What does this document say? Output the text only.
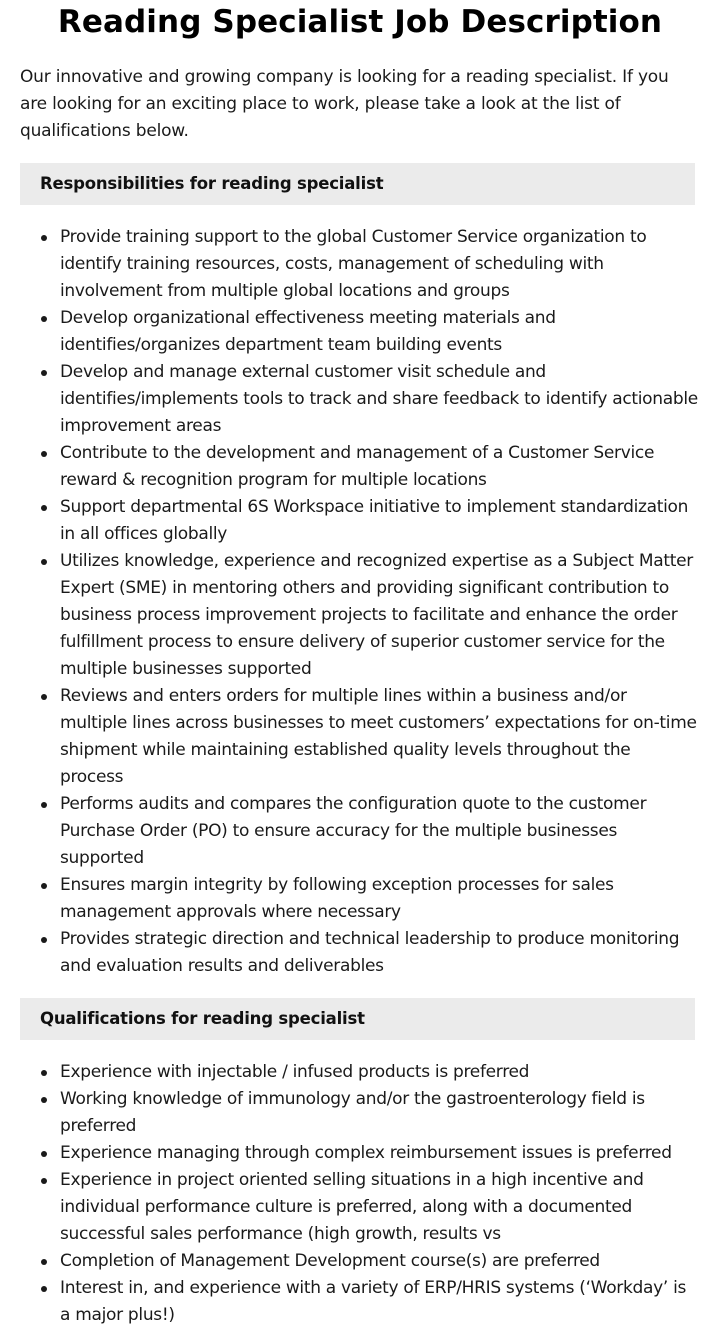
Reading Specialist Job Description

Our innovative and growing company is looking for a reading specialist. If you are looking for an exciting place to work, please take a look at the list of qualifications below.

Responsibilities for reading specialist
Provide training support to the global Customer Service organization to identify training resources, costs, management of scheduling with involvement from multiple global locations and groups
Develop organizational effectiveness meeting materials and identifies/organizes department team building events
Develop and manage external customer visit schedule and identifies/implements tools to track and share feedback to identify actionable improvement areas
Contribute to the development and management of a Customer Service reward & recognition program for multiple locations
Support departmental 6S Workspace initiative to implement standardization in all offices globally
Utilizes knowledge, experience and recognized expertise as a Subject Matter Expert (SME) in mentoring others and providing significant contribution to business process improvement projects to facilitate and enhance the order fulfillment process to ensure delivery of superior customer service for the multiple businesses supported
Reviews and enters orders for multiple lines within a business and/or multiple lines across businesses to meet customers’ expectations for on-time shipment while maintaining established quality levels throughout the process
Performs audits and compares the configuration quote to the customer Purchase Order (PO) to ensure accuracy for the multiple businesses supported
Ensures margin integrity by following exception processes for sales management approvals where necessary
Provides strategic direction and technical leadership to produce monitoring and evaluation results and deliverables
Qualifications for reading specialist
Experience with injectable / infused products is preferred
Working knowledge of immunology and/or the gastroenterology field is preferred
Experience managing through complex reimbursement issues is preferred
Experience in project oriented selling situations in a high incentive and individual performance culture is preferred, along with a documented successful sales performance (high growth, results vs
Completion of Management Development course(s) are preferred
Interest in, and experience with a variety of ERP/HRIS systems (‘Workday’ is a major plus!)
